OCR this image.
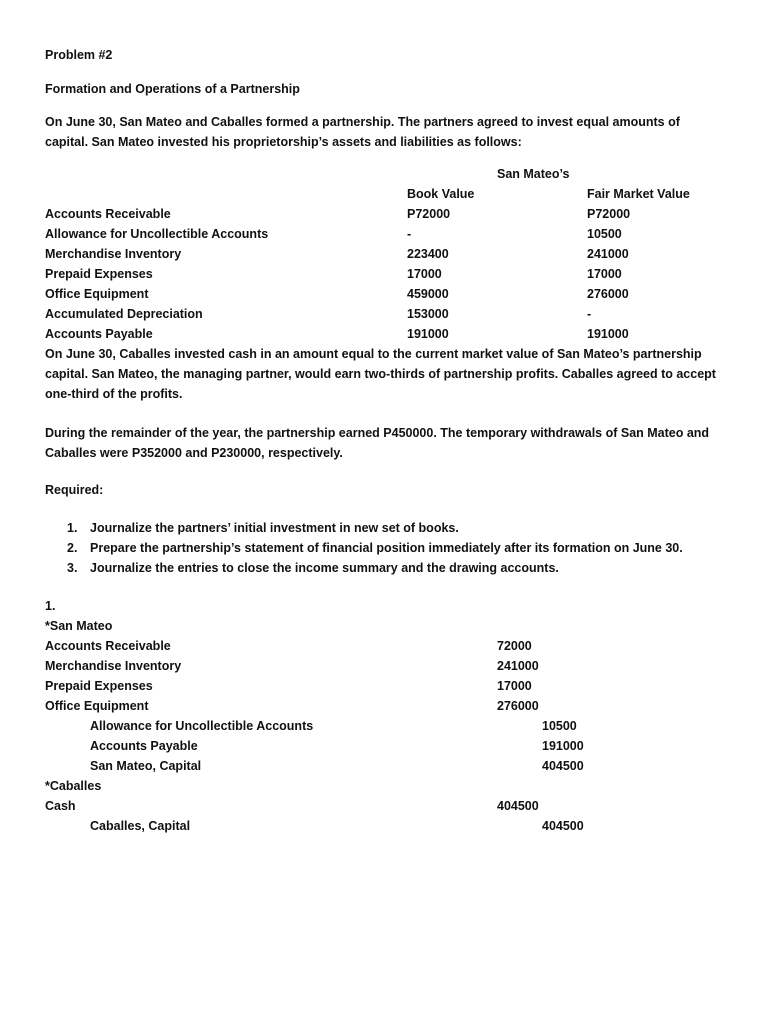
Problem #2
Formation and Operations of a Partnership
On June 30, San Mateo and Caballes formed a partnership. The partners agreed to invest equal amounts of capital. San Mateo invested his proprietorship’s assets and liabilities as follows:
San Mateo’s
Book Value	Fair Market Value
Accounts Receivable	P72000	P72000
Allowance for Uncollectible Accounts	-	10500
Merchandise Inventory	223400	241000
Prepaid Expenses	17000	17000
Office Equipment	459000	276000
Accumulated Depreciation	153000	-
Accounts Payable	191000	191000
On June 30, Caballes invested cash in an amount equal to the current market value of San Mateo’s partnership capital. San Mateo, the managing partner, would earn two-thirds of partnership profits. Caballes agreed to accept one-third of the profits.
During the remainder of the year, the partnership earned P450000. The temporary withdrawals of San Mateo and Caballes were P352000 and P230000, respectively.
Required:
1. Journalize the partners’ initial investment in new set of books.
2. Prepare the partnership’s statement of financial position immediately after its formation on June 30.
3. Journalize the entries to close the income summary and the drawing accounts.
1.
*San Mateo
Accounts Receivable	72000
Merchandise Inventory	241000
Prepaid Expenses	17000
Office Equipment	276000
Allowance for Uncollectible Accounts	10500
Accounts Payable	191000
San Mateo, Capital	404500
*Caballes
Cash	404500
Caballes, Capital	404500
